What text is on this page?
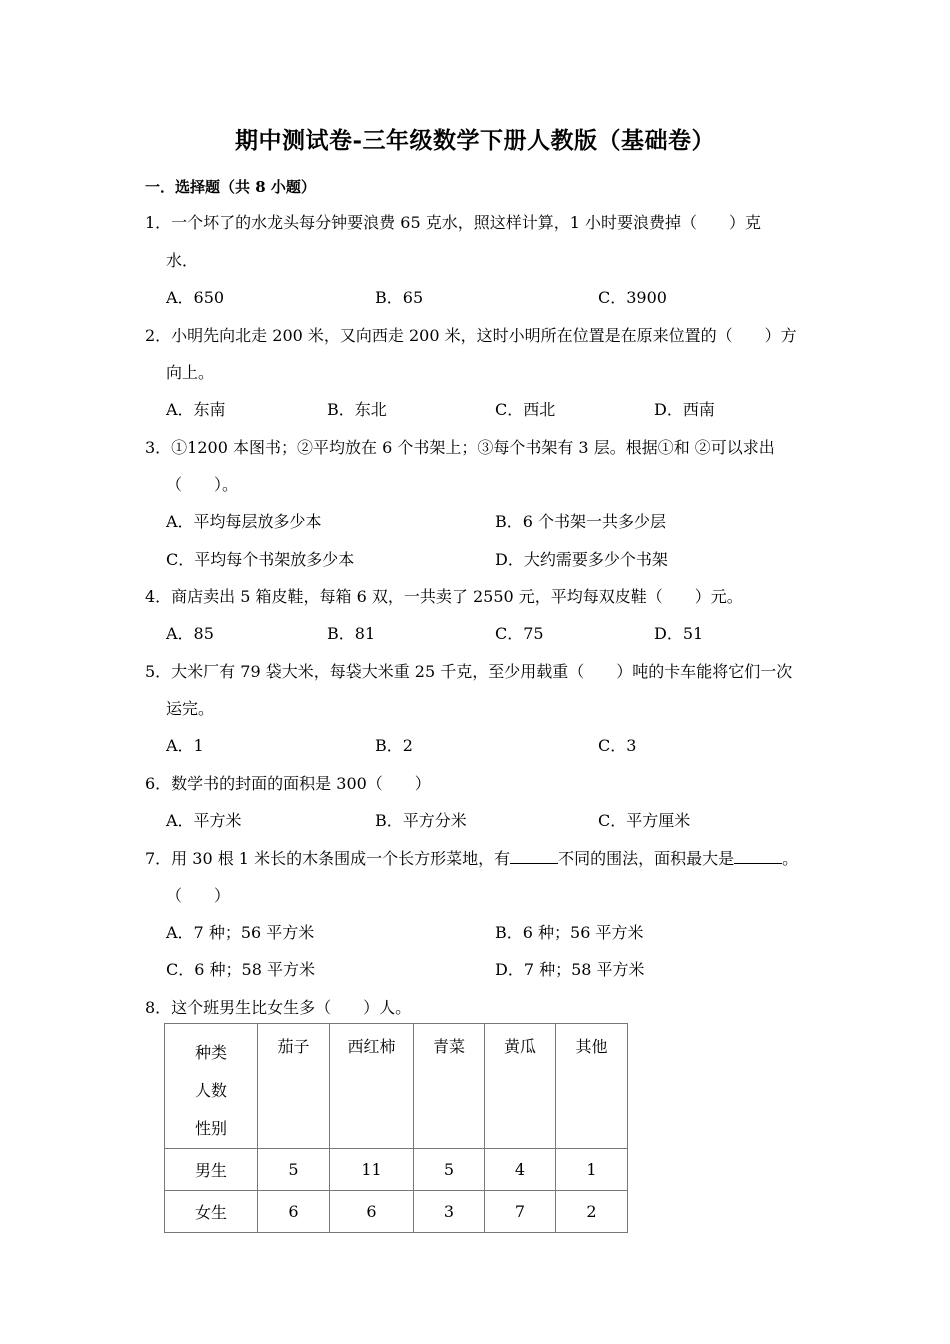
期中测试卷-三年级数学下册人教版（基础卷）
一．选择题（共 8 小题）
1．一个坏了的水龙头每分钟要浪费 65 克水，照这样计算，1 小时要浪费掉（　　）克
水．
A．650	B．65	C．3900
2．小明先向北走 200 米，又向西走 200 米，这时小明所在位置是在原来位置的（　　）方
向上。
A．东南	B．东北	C．西北	D．西南
3．①1200 本图书；②平均放在 6 个书架上；③每个书架有 3 层。根据①和 ②可以求出
（　　）。
A．平均每层放多少本	B．6 个书架一共多少层
C．平均每个书架放多少本	D．大约需要多少个书架
4．商店卖出 5 箱皮鞋，每箱 6 双，一共卖了 2550 元，平均每双皮鞋（　　）元。
A．85	B．81	C．75	D．51
5．大米厂有 79 袋大米，每袋大米重 25 千克，至少用载重（　　）吨的卡车能将它们一次
运完。
A．1	B．2	C．3
6．数学书的封面的面积是 300（　　）
A．平方米	B．平方分米	C．平方厘米
7．用 30 根 1 米长的木条围成一个长方形菜地，有	不同的围法，面积最大是	。
（　　）
A．7 种；56 平方米	B．6 种；56 平方米
C．6 种；58 平方米	D．7 种；58 平方米
8．这个班男生比女生多（　　）人。
种类
人数
性别	茄子	西红柿	青菜	黄瓜	其他
男生	5	11	5	4	1
女生	6	6	3	7	2
